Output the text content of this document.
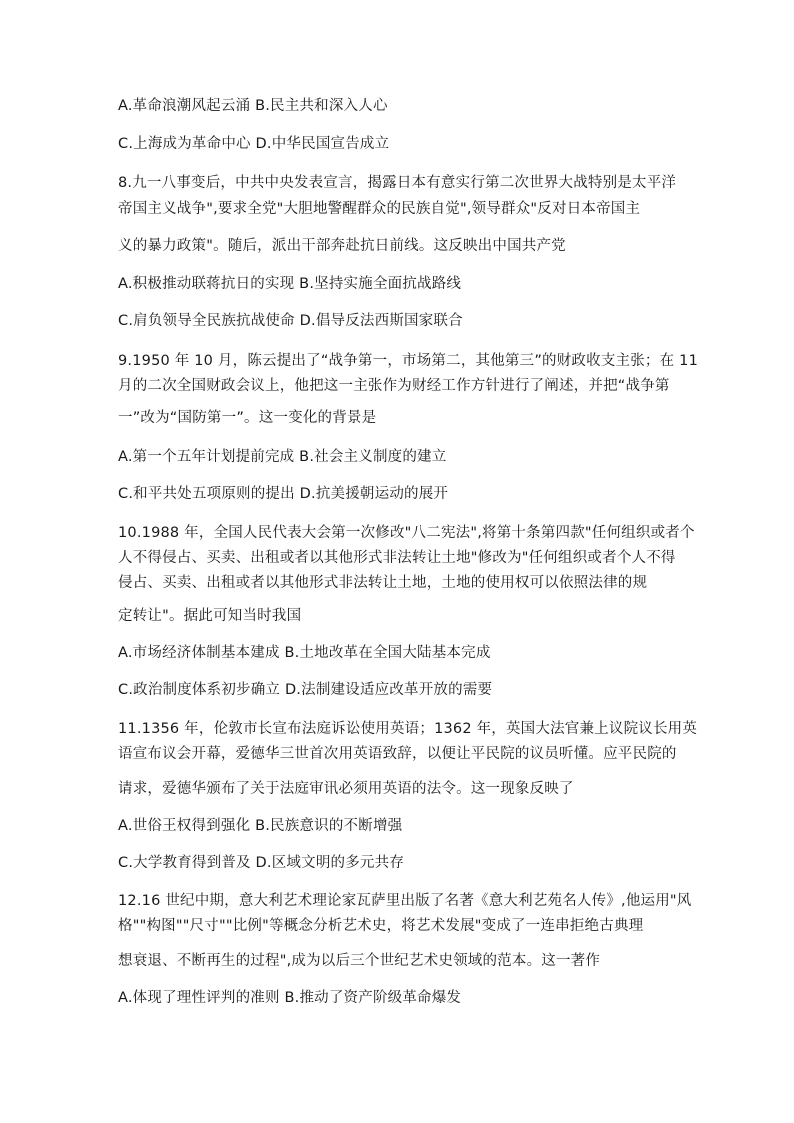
A.革命浪潮风起云涌 B.民主共和深入人心
C.上海成为革命中心 D.中华民国宣告成立
8.九一八事变后，中共中央发表宣言，揭露日本有意实行第二次世界大战特别是太平洋
帝国主义战争",要求全党"大胆地警醒群众的民族自觉",领导群众"反对日本帝国主
义的暴力政策"。随后，派出干部奔赴抗日前线。这反映出中国共产党
A.积极推动联蒋抗日的实现 B.坚持实施全面抗战路线
C.肩负领导全民族抗战使命 D.倡导反法西斯国家联合
9.1950 年 10 月，陈云提出了“战争第一，市场第二，其他第三”的财政收支主张；在 11
月的二次全国财政会议上，他把这一主张作为财经工作方针进行了阐述，并把“战争第
一”改为“国防第一”。这一变化的背景是
A.第一个五年计划提前完成 B.社会主义制度的建立
C.和平共处五项原则的提出 D.抗美援朝运动的展开
10.1988 年，全国人民代表大会第一次修改"八二宪法",将第十条第四款"任何组织或者个
人不得侵占、买卖、出租或者以其他形式非法转让土地"修改为"任何组织或者个人不得
侵占、买卖、出租或者以其他形式非法转让土地，土地的使用权可以依照法律的规
定转让"。据此可知当时我国
A.市场经济体制基本建成 B.土地改革在全国大陆基本完成
C.政治制度体系初步确立 D.法制建设适应改革开放的需要
11.1356 年，伦敦市长宣布法庭诉讼使用英语；1362 年，英国大法官兼上议院议长用英
语宣布议会开幕，爱德华三世首次用英语致辞，以便让平民院的议员听懂。应平民院的
请求，爱德华颁布了关于法庭审讯必须用英语的法令。这一现象反映了
A.世俗王权得到强化 B.民族意识的不断增强
C.大学教育得到普及 D.区域文明的多元共存
12.16 世纪中期，意大利艺术理论家瓦萨里出版了名著《意大利艺苑名人传》,他运用"风
格""构图""尺寸""比例"等概念分析艺术史，将艺术发展"变成了一连串拒绝古典理
想衰退、不断再生的过程",成为以后三个世纪艺术史领域的范本。这一著作
A.体现了理性评判的准则 B.推动了资产阶级革命爆发
